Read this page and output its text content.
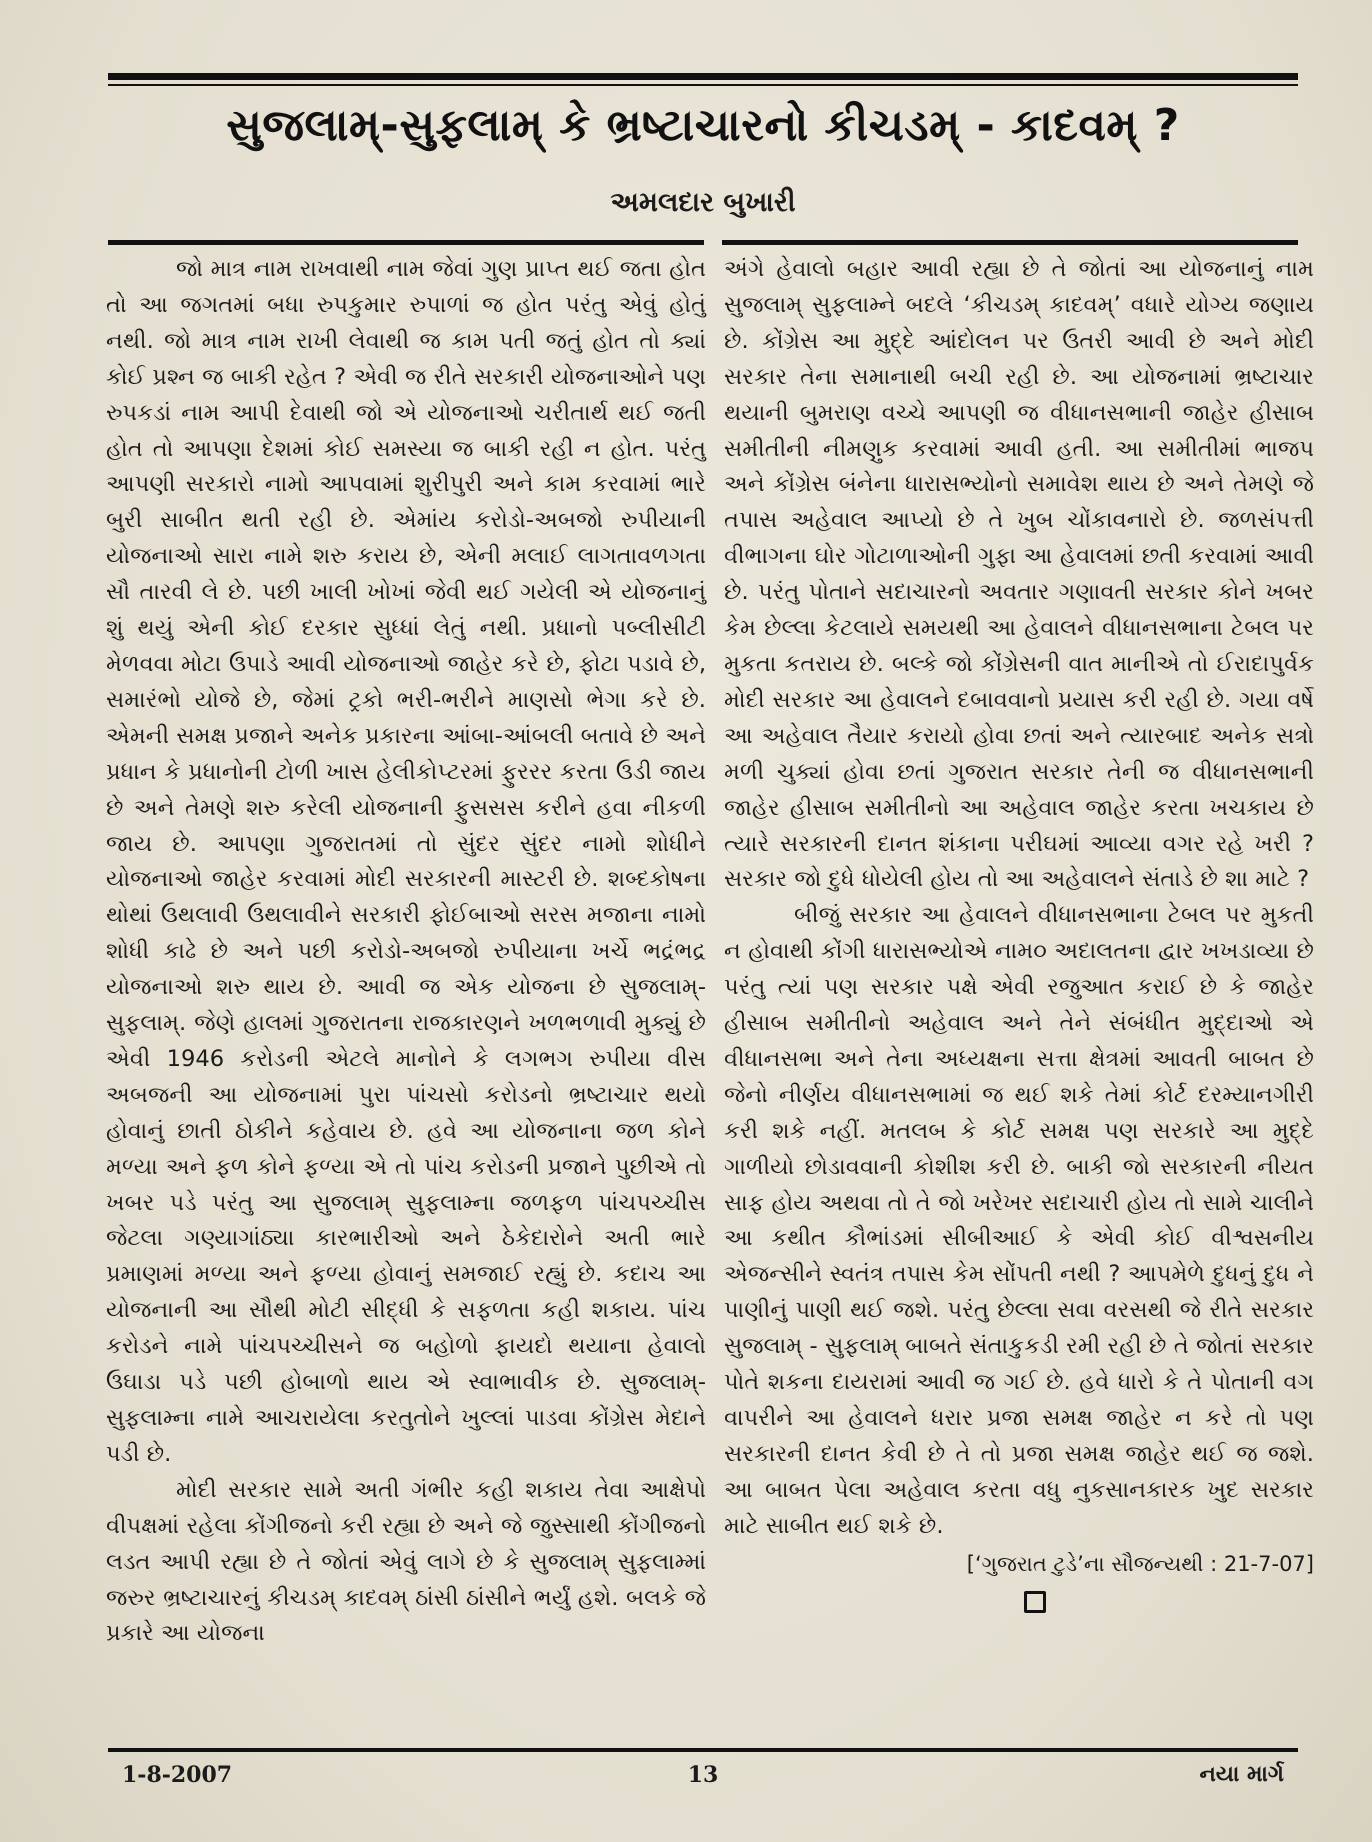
સુજલામ્-સુફલામ્ કે ભ્રષ્ટાચારનો કીચડમ્ - કાદવમ્ ?
અમલદાર બુખારી

જો માત્ર નામ રાખવાથી નામ જેવાં ગુણ પ્રાપ્ત થઈ જતા હોત તો આ જગતમાં બધા રુપકુમાર રુપાળાં જ હોત પરંતુ એવું હોતું નથી. જો માત્ર નામ રાખી લેવાથી જ કામ પતી જતું હોત તો ક્યાં કોઈ પ્રશ્ન જ બાકી રહેત ? એવી જ રીતે સરકારી યોજનાઓને પણ રુપકડાં નામ આપી દેવાથી જો એ યોજનાઓ ચરીતાર્થ થઈ જતી હોત તો આપણા દેશમાં કોઈ સમસ્યા જ બાકી રહી ન હોત. પરંતુ આપણી સરકારો નામો આપવામાં શુરીપુરી અને કામ કરવામાં ભારે બુરી સાબીત થતી રહી છે. એમાંય કરોડો-અબજો રુપીયાની યોજનાઓ સારા નામે શરુ કરાય છે, એની મલાઈ લાગતાવળગતા સૌ તારવી લે છે. પછી ખાલી ખોખાં જેવી થઈ ગયેલી એ યોજનાનું શું થયું એની કોઈ દરકાર સુધ્ધાં લેતું નથી. પ્રધાનો પબ્લીસીટી મેળવવા મોટા ઉપાડે આવી યોજનાઓ જાહેર કરે છે, ફોટા પડાવે છે, સમારંભો યોજે છે, જેમાં ટ્રકો ભરી-ભરીને માણસો ભેગા કરે છે. એમની સમક્ષ પ્રજાને અનેક પ્રકારના આંબા-આંબલી બતાવે છે અને પ્રધાન કે પ્રધાનોની ટોળી ખાસ હેલીકોપ્ટરમાં ફુરરર કરતા ઉડી જાય છે અને તેમણે શરુ કરેલી યોજનાની ફુસસસ કરીને હવા નીકળી જાય છે. આપણા ગુજરાતમાં તો સુંદર સુંદર નામો શોધીને યોજનાઓ જાહેર કરવામાં મોદી સરકારની માસ્ટરી છે. શબ્દકોષના થોથાં ઉથલાવી ઉથલાવીને સરકારી ફોઈબાઓ સરસ મજાના નામો શોધી કાઢે છે અને પછી કરોડો-અબજો રુપીયાના ખર્ચે ભદ્રંભદ્ર યોજનાઓ શરુ થાય છે. આવી જ એક યોજના છે સુજલામ્-સુફલામ્. જેણે હાલમાં ગુજરાતના રાજકારણને ખળભળાવી મુક્યું છે એવી 1946 કરોડની એટલે માનોને કે લગભગ રુપીયા વીસ અબજની આ યોજનામાં પુરા પાંચસો કરોડનો ભ્રષ્ટાચાર થયો હોવાનું છાતી ઠોકીને કહેવાય છે. હવે આ યોજનાના જળ કોને મળ્યા અને ફળ કોને ફળ્યા એ તો પાંચ કરોડની પ્રજાને પુછીએ તો ખબર પડે પરંતુ આ સુજલામ્ સુફલામ્ના જળફળ પાંચપચ્ચીસ જેટલા ગણ્યાગાંઠ્યા કારભારીઓ અને ઠેકેદારોને અતી ભારે પ્રમાણમાં મળ્યા અને ફળ્યા હોવાનું સમજાઈ રહ્યું છે. કદાચ આ યોજનાની આ સૌથી મોટી સીદ્ધી કે સફળતા કહી શકાય. પાંચ કરોડને નામે પાંચપચ્ચીસને જ બહોળો ફાયદો થયાના હેવાલો ઉઘાડા પડે પછી હોબાળો થાય એ સ્વાભાવીક છે. સુજલામ્-સુફલામ્ના નામે આચરાયેલા કરતુતોને ખુલ્લાં પાડવા કોંગ્રેસ મેદાને પડી છે.

મોદી સરકાર સામે અતી ગંભીર કહી શકાય તેવા આક્ષેપો વીપક્ષમાં રહેલા કોંગીજનો કરી રહ્યા છે અને જે જુસ્સાથી કોંગીજનો લડત આપી રહ્યા છે તે જોતાં એવું લાગે છે કે સુજલામ્ સુફલામ્માં જરુર ભ્રષ્ટાચારનું કીચડમ્ કાદવમ્ ઠાંસી ઠાંસીને ભર્યું હશે. બલકે જે પ્રકારે આ યોજના

અંગે હેવાલો બહાર આવી રહ્યા છે તે જોતાં આ યોજનાનું નામ સુજલામ્ સુફલામ્ને બદલે ‘કીચડમ્ કાદવમ્’ વધારે યોગ્ય જણાય છે. કોંગ્રેસ આ મુદ્દે આંદોલન પર ઉતરી આવી છે અને મોદી સરકાર તેના સમાનાથી બચી રહી છે. આ યોજનામાં ભ્રષ્ટાચાર થયાની બુમરાણ વચ્ચે આપણી જ વીધાનસભાની જાહેર હીસાબ સમીતીની નીમણુક કરવામાં આવી હતી. આ સમીતીમાં ભાજપ અને કોંગ્રેસ બંનેના ધારાસભ્યોનો સમાવેશ થાય છે અને તેમણે જે તપાસ અહેવાલ આપ્યો છે તે ખુબ ચોંકાવનારો છે. જળસંપત્તી વીભાગના ઘોર ગોટાળાઓની ગુફા આ હેવાલમાં છતી કરવામાં આવી છે. પરંતુ પોતાને સદાચારનો અવતાર ગણાવતી સરકાર કોને ખબર કેમ છેલ્લા કેટલાયે સમયથી આ હેવાલને વીધાનસભાના ટેબલ પર મુકતા કતરાય છે. બલ્કે જો કોંગ્રેસની વાત માનીએ તો ઈરાદાપુર્વક મોદી સરકાર આ હેવાલને દબાવવાનો પ્રયાસ કરી રહી છે. ગયા વર્ષે આ અહેવાલ તૈયાર કરાયો હોવા છતાં અને ત્યારબાદ અનેક સત્રો મળી ચુક્યાં હોવા છતાં ગુજરાત સરકાર તેની જ વીધાનસભાની જાહેર હીસાબ સમીતીનો આ અહેવાલ જાહેર કરતા ખચકાય છે ત્યારે સરકારની દાનત શંકાના પરીઘમાં આવ્યા વગર રહે ખરી ? સરકાર જો દુધે ધોયેલી હોય તો આ અહેવાલને સંતાડે છે શા માટે ?

બીજું સરકાર આ હેવાલને વીધાનસભાના ટેબલ પર મુકતી ન હોવાથી કોંગી ધારાસભ્યોએ નામ૦ અદાલતના દ્વાર ખખડાવ્યા છે પરંતુ ત્યાં પણ સરકાર પક્ષે એવી રજુઆત કરાઈ છે કે જાહેર હીસાબ સમીતીનો અહેવાલ અને તેને સંબંધીત મુદ્દાઓ એ વીધાનસભા અને તેના અધ્યક્ષના સત્તા ક્ષેત્રમાં આવતી બાબત છે જેનો નીર્ણય વીધાનસભામાં જ થઈ શકે તેમાં કોર્ટ દરમ્યાનગીરી કરી શકે નહીં. મતલબ કે કોર્ટ સમક્ષ પણ સરકારે આ મુદ્દે ગાળીયો છોડાવવાની કોશીશ કરી છે. બાકી જો સરકારની નીયત સાફ હોય અથવા તો તે જો ખરેખર સદાચારી હોય તો સામે ચાલીને આ કથીત કૌભાંડમાં સીબીઆઈ કે એવી કોઈ વીશ્વસનીય એજન્સીને સ્વતંત્ર તપાસ કેમ સોંપતી નથી ? આપમેળે દુધનું દુધ ને પાણીનું પાણી થઈ જશે. પરંતુ છેલ્લા સવા વરસથી જે રીતે સરકાર સુજલામ્ - સુફલામ્ બાબતે સંતાકુકડી રમી રહી છે તે જોતાં સરકાર પોતે શકના દાયરામાં આવી જ ગઈ છે. હવે ધારો કે તે પોતાની વગ વાપરીને આ હેવાલને ધરાર પ્રજા સમક્ષ જાહેર ન કરે તો પણ સરકારની દાનત કેવી છે તે તો પ્રજા સમક્ષ જાહેર થઈ જ જશે. આ બાબત પેલા અહેવાલ કરતા વધુ નુકસાનકારક ખુદ સરકાર માટે સાબીત થઈ શકે છે.

[‘ગુજરાત ટુડે’ના સૌજન્યથી : 21-7-07]
1-8-2007	13	નયા માર્ગ
